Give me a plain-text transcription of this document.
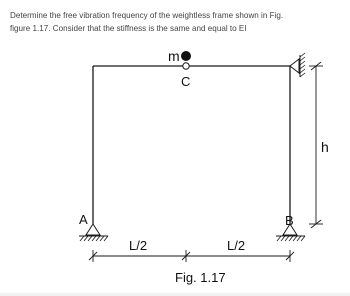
Determine the free vibration frequency of the weightless frame shown in Fig.
figure 1.17. Consider that the stiffness is the same and equal to EI
m
C
A	B
h
L/2	L/2
Fig. 1.17
